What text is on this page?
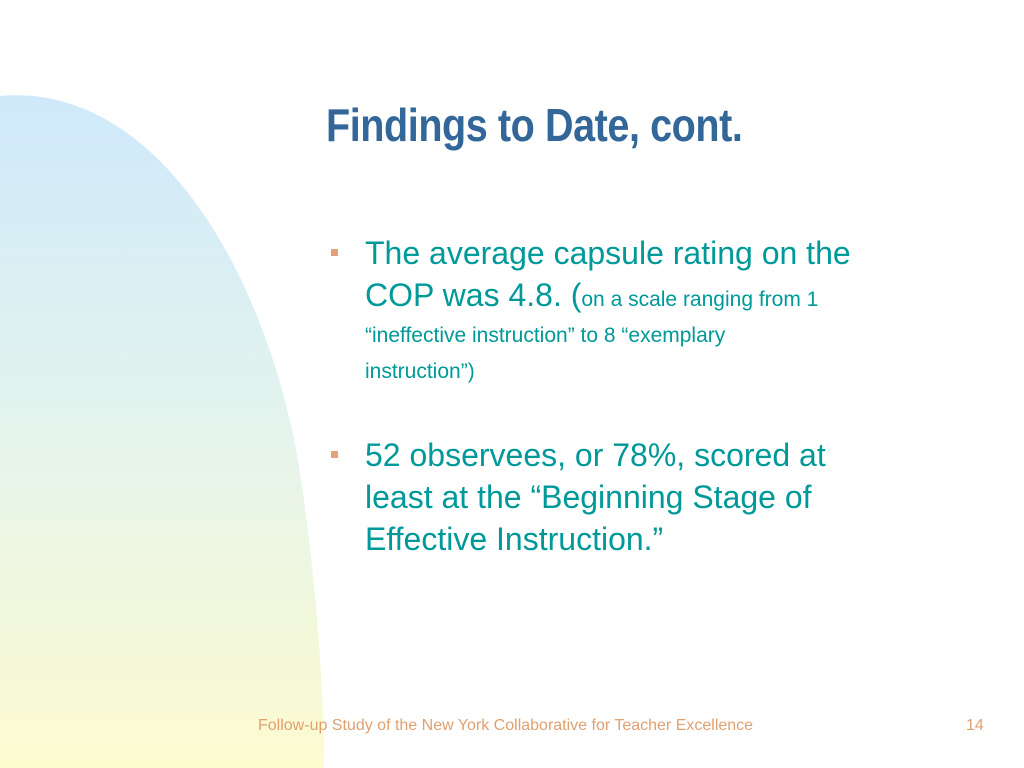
Findings to Date, cont.
The average capsule rating on the
COP was 4.8. (on a scale ranging from 1
“ineffective instruction” to 8 “exemplary
instruction”)
52 observees, or 78%, scored at
least at the “Beginning Stage of
Effective Instruction.”
Follow-up Study of the New York Collaborative for Teacher Excellence	14
